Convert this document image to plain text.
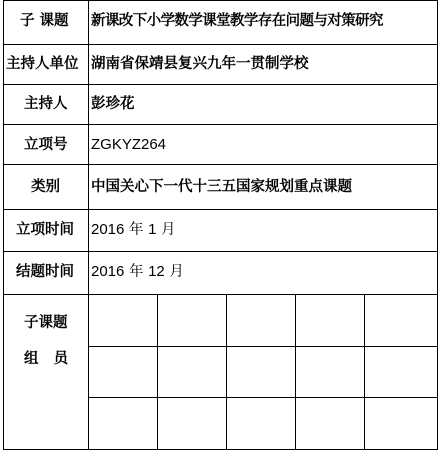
子 课题 新课改下小学数学课堂教学存在问题与对策研究
主持人单位 湖南省保靖县复兴九年一贯制学校
主持人 彭珍花
立项号 ZGKYZ264
类别 中国关心下一代十三五国家规划重点课题
立项时间 2016 年 1 月
结题时间 2016 年 12 月
子课题
组   员
